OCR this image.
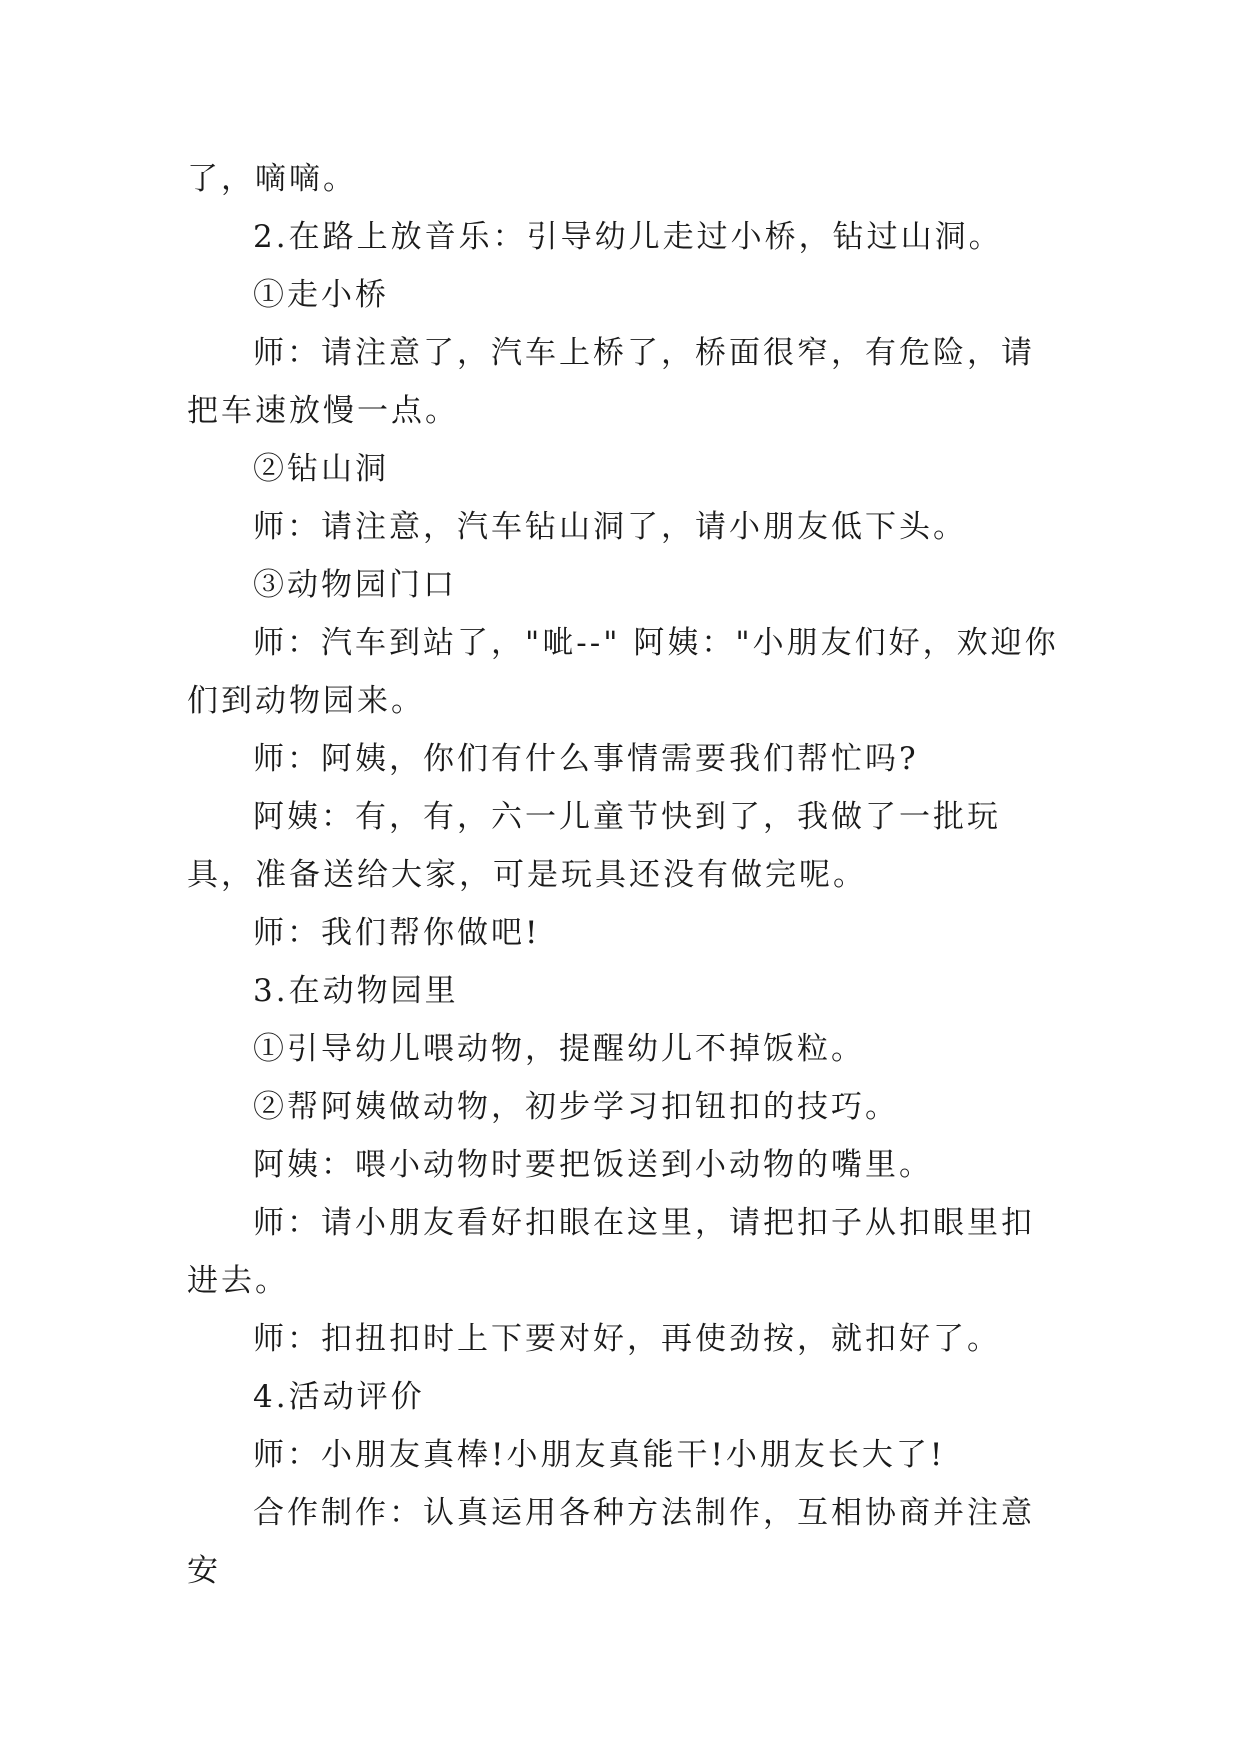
了，嘀嘀。

2.在路上放音乐：引导幼儿走过小桥，钻过山洞。

①走小桥

师：请注意了，汽车上桥了，桥面很窄，有危险，请把车速放慢一点。

②钻山洞

师：请注意，汽车钻山洞了，请小朋友低下头。

③动物园门口

师：汽车到站了，"呲--" 阿姨："小朋友们好，欢迎你们到动物园来。

师：阿姨，你们有什么事情需要我们帮忙吗?

阿姨：有，有，六一儿童节快到了，我做了一批玩具，准备送给大家，可是玩具还没有做完呢。

师：我们帮你做吧!

3.在动物园里

①引导幼儿喂动物，提醒幼儿不掉饭粒。

②帮阿姨做动物，初步学习扣钮扣的技巧。

阿姨：喂小动物时要把饭送到小动物的嘴里。

师：请小朋友看好扣眼在这里，请把扣子从扣眼里扣进去。

师：扣扭扣时上下要对好，再使劲按，就扣好了。

4.活动评价

师：小朋友真棒!小朋友真能干!小朋友长大了!

合作制作：认真运用各种方法制作，互相协商并注意安
